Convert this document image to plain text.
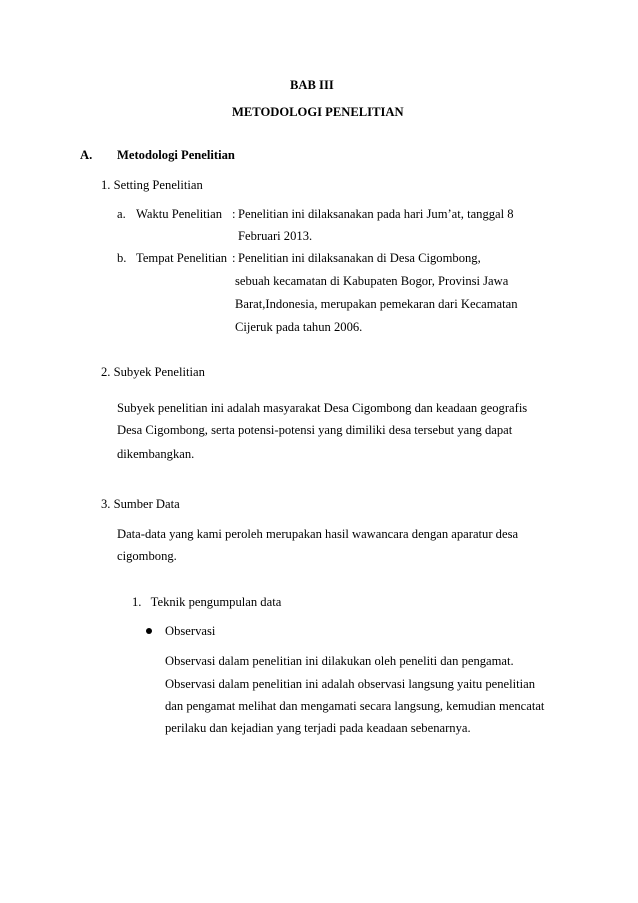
BAB III
METODOLOGI PENELITIAN
A. Metodologi Penelitian
1. Setting Penelitian
a. Waktu Penelitian : Penelitian ini dilaksanakan pada hari Jum’at, tanggal 8
Februari 2013.
b. Tempat Penelitian : Penelitian ini dilaksanakan di Desa Cigombong,
sebuah kecamatan di Kabupaten Bogor, Provinsi Jawa
Barat,Indonesia, merupakan pemekaran dari Kecamatan
Cijeruk pada tahun 2006.
2. Subyek Penelitian
Subyek penelitian ini adalah masyarakat Desa Cigombong dan keadaan geografis
Desa Cigombong, serta potensi-potensi yang dimiliki desa tersebut yang dapat
dikembangkan.
3. Sumber Data
Data-data yang kami peroleh merupakan hasil wawancara dengan aparatur desa
cigombong.
1.   Teknik pengumpulan data
Observasi
Observasi dalam penelitian ini dilakukan oleh peneliti dan pengamat.
Observasi dalam penelitian ini adalah observasi langsung yaitu penelitian
dan pengamat melihat dan mengamati secara langsung, kemudian mencatat
perilaku dan kejadian yang terjadi pada keadaan sebenarnya.
